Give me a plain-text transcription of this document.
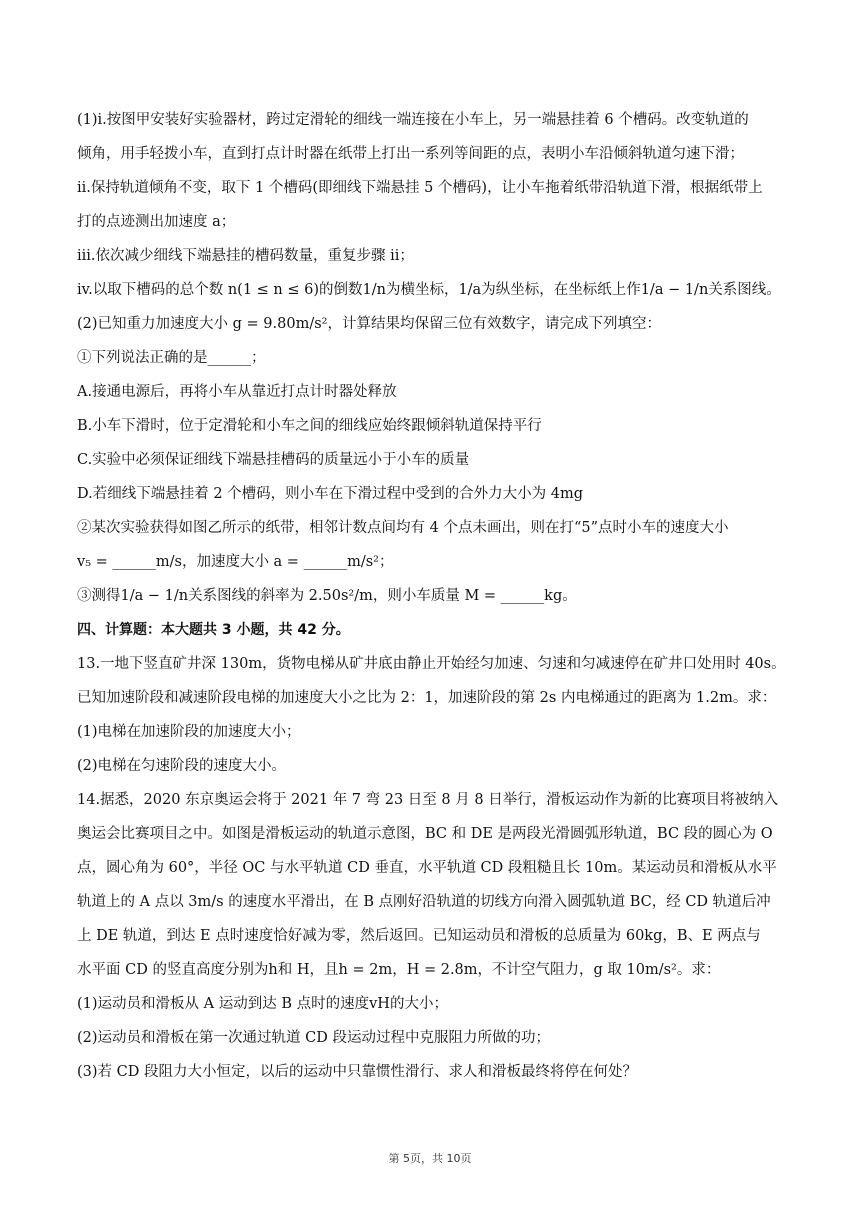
(1)i.按图甲安装好实验器材，跨过定滑轮的细线一端连接在小车上，另一端悬挂着 6 个槽码。改变轨道的

倾角，用手轻拨小车，直到打点计时器在纸带上打出一系列等间距的点，表明小车沿倾斜轨道匀速下滑；

ii.保持轨道倾角不变，取下 1 个槽码(即细线下端悬挂 5 个槽码)，让小车拖着纸带沿轨道下滑，根据纸带上

打的点迹测出加速度 a；

iii.依次减少细线下端悬挂的槽码数量，重复步骤 ii；

iv.以取下槽码的总个数 n(1 ≤ n ≤ 6)的倒数1/n为横坐标，1/a为纵坐标，在坐标纸上作1/a − 1/n关系图线。

(2)已知重力加速度大小 g = 9.80m/s²，计算结果均保留三位有效数字，请完成下列填空：

①下列说法正确的是______；

A.接通电源后，再将小车从靠近打点计时器处释放

B.小车下滑时，位于定滑轮和小车之间的细线应始终跟倾斜轨道保持平行

C.实验中必须保证细线下端悬挂槽码的质量远小于小车的质量

D.若细线下端悬挂着 2 个槽码，则小车在下滑过程中受到的合外力大小为 4mg

②某次实验获得如图乙所示的纸带，相邻计数点间均有 4 个点未画出，则在打“5”点时小车的速度大小

v₅ = ______m/s，加速度大小 a = ______m/s²；

③测得1/a − 1/n关系图线的斜率为 2.50s²/m，则小车质量 M = ______kg。

四、计算题：本大题共 3 小题，共 42 分。

13.一地下竖直矿井深 130m，货物电梯从矿井底由静止开始经匀加速、匀速和匀减速停在矿井口处用时 40s。

已知加速阶段和减速阶段电梯的加速度大小之比为 2：1，加速阶段的第 2s 内电梯通过的距离为 1.2m。求：

(1)电梯在加速阶段的加速度大小；

(2)电梯在匀速阶段的速度大小。

14.据悉，2020 东京奥运会将于 2021 年 7 弯 23 日至 8 月 8 日举行，滑板运动作为新的比赛项目将被纳入

奥运会比赛项目之中。如图是滑板运动的轨道示意图，BC 和 DE 是两段光滑圆弧形轨道，BC 段的圆心为 O

点，圆心角为 60°，半径 OC 与水平轨道 CD 垂直，水平轨道 CD 段粗糙且长 10m。某运动员和滑板从水平

轨道上的 A 点以 3m/s 的速度水平滑出，在 B 点刚好沿轨道的切线方向滑入圆弧轨道 BC，经 CD 轨道后冲

上 DE 轨道，到达 E 点时速度恰好减为零，然后返回。已知运动员和滑板的总质量为 60kg，B、E 两点与

水平面 CD 的竖直高度分别为h和 H，且h = 2m，H = 2.8m，不计空气阻力，g 取 10m/s²。求：

(1)运动员和滑板从 A 运动到达 B 点时的速度vH的大小；

(2)运动员和滑板在第一次通过轨道 CD 段运动过程中克服阻力所做的功；

(3)若 CD 段阻力大小恒定，以后的运动中只靠惯性滑行、求人和滑板最终将停在何处？

第 5页，共 10页
